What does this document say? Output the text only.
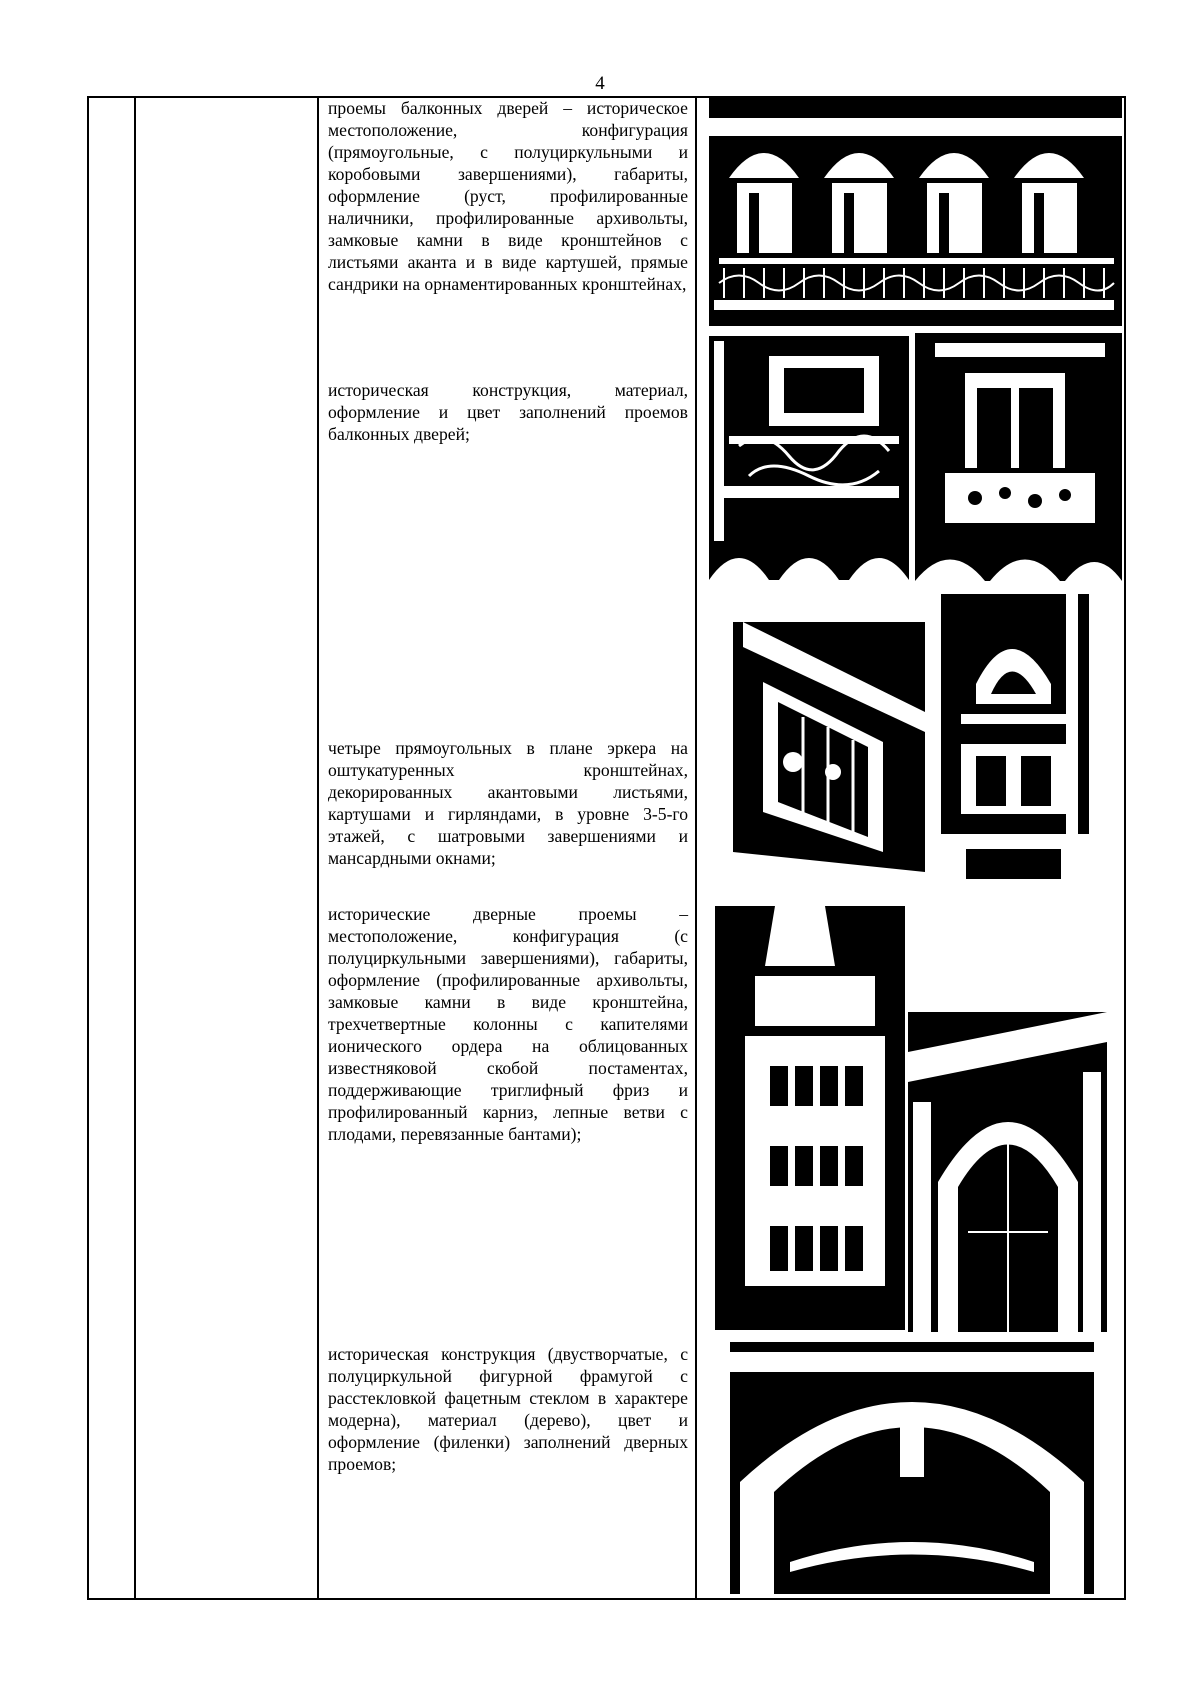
4
проемы балконных дверей – историческое местоположение, конфигурация (прямоугольные, с полуциркульными и коробовыми завершениями), габариты, оформление (руст, профилированные наличники, профилированные архивольты, замковые камни в виде кронштейнов с листьями аканта и в виде картушей, прямые сандрики на орнаментированных кронштейнах,
историческая конструкция, материал, оформление и цвет заполнений проемов балконных дверей;
четыре прямоугольных в плане эркера на оштукатуренных кронштейнах, декорированных акантовыми листьями, картушами и гирляндами, в уровне 3-5-го этажей, с шатровыми завершениями и мансардными окнами;
исторические дверные проемы – местоположение, конфигурация (с полуциркульными завершениями), габариты, оформление (профилированные архивольты, замковые камни в виде кронштейна, трехчетвертные колонны с капителями ионического ордера на облицованных известняковой скобой постаментах, поддерживающие триглифный фриз и профилированный карниз, лепные ветви с плодами, перевязанные бантами);
историческая конструкция (двустворчатые, с полуциркульной фигурной фрамугой с расстекловкой фацетным стеклом в характере модерна), материал (дерево), цвет и оформление (филенки) заполнений дверных проемов;
